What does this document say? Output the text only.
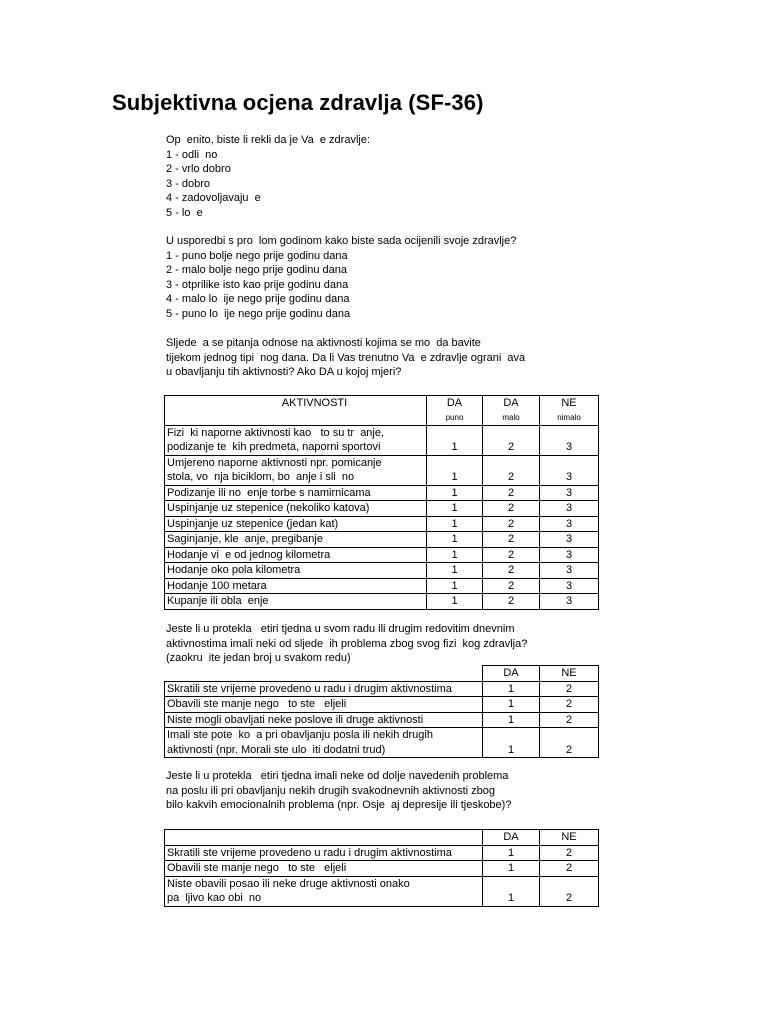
Subjektivna ocjena zdravlja (SF-36)
Op  enito, biste li rekli da je Va  e zdravlje:
1 - odli  no
2 - vrlo dobro
3 - dobro
4 - zadovoljavaju  e
5 - lo  e
U usporedbi s pro  lom godinom kako biste sada ocijenili svoje zdravlje?
1 - puno bolje nego prije godinu dana
2 - malo bolje nego prije godinu dana
3 - otprilike isto kao prije godinu dana
4 - malo lo  ije nego prije godinu dana
5 - puno lo  ije nego prije godinu dana
Sljede  a se pitanja odnose na aktivnosti kojima se mo  da bavite
tijekom jednog tipi  nog dana. Da li Vas trenutno Va  e zdravlje ograni  ava
u obavljanju tih aktivnosti? Ako DA u kojoj mjeri?
AKTIVNOSTI	DA	DA	NE
	puno	malo	nimalo

Fizi  ki naporne aktivnosti kao   to su tr  anje,
podizanje te  kih predmeta, naporni sportovi	1	2	3

Umjereno naporne aktivnosti npr. pomicanje
stola, vo  nja biciklom, bo  anje i sli  no	1	2	3
Podizanje ili no  enje torbe s namirnicama	1	2	3
Uspinjanje uz stepenice (nekoliko katova)	1	2	3
Uspinjanje uz stepenice (jedan kat)	1	2	3
Saginjanje, kle  anje, pregibanje	1	2	3
Hodanje vi  e od jednog kilometra	1	2	3
Hodanje oko pola kilometra	1	2	3
Hodanje 100 metara	1	2	3
Kupanje ili obla  enje	1	2	3
Jeste li u protekla   etiri tjedna u svom radu ili drugim redovitim dnevnim
aktivnostima imali neki od sljede  ih problema zbog svog fizi  kog zdravlja?
(zaokru  ite jedan broj u svakom redu)
	DA	NE
Skratili ste vrijeme provedeno u radu i drugim aktivnostima	1	2
Obavili ste manje nego   to ste   eljeli	1	2
Niste mogli obavljati neke poslove ili druge aktivnosti	1	2

Imali ste pote  ko  a pri obavljanju posla ili nekih drugih
aktivnosti (npr. Morali ste ulo  iti dodatni trud)	1	2
Jeste li u protekla   etiri tjedna imali neke od dolje navedenih problema
na poslu ili pri obavljanju nekih drugih svakodnevnih aktivnosti zbog
bilo kakvih emocionalnih problema (npr. Osje  aj depresije ili tjeskobe)?
	DA	NE
Skratili ste vrijeme provedeno u radu i drugim aktivnostima	1	2
Obavili ste manje nego   to ste   eljeli	1	2

Niste obavili posao ili neke druge aktivnosti onako
pa  ljivo kao obi  no	1	2
